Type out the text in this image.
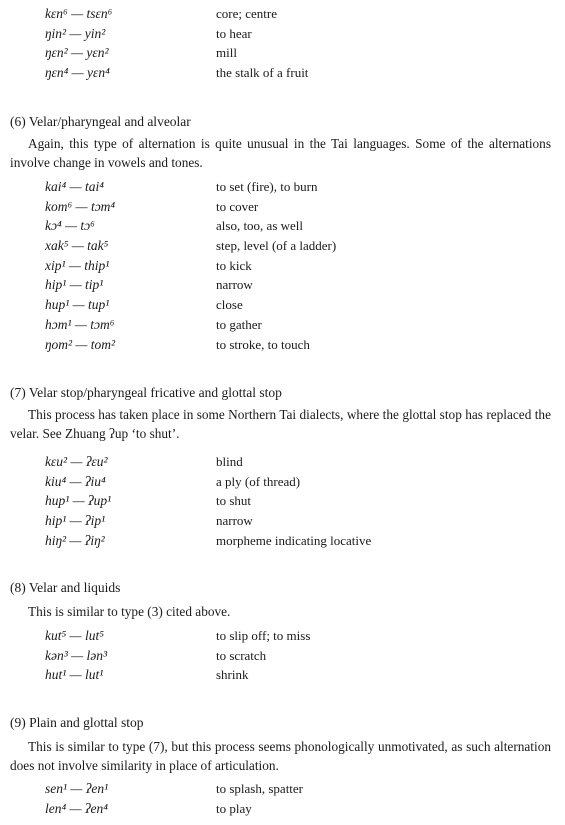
kɛn⁶ — tsɛn⁶	core; centre
ŋin² — yin²	to hear
ŋɛn² — yɛn²	mill
ŋɛn⁴ — yɛn⁴	the stalk of a fruit
(6) Velar/pharyngeal and alveolar

Again, this type of alternation is quite unusual in the Tai languages. Some of the alternations involve change in vowels and tones.

kai⁴ — tai⁴	to set (fire), to burn
kom⁶ — tɔm⁴	to cover
kɔ⁴ — tɔ⁶	also, too, as well
xak⁵ — tak⁵	step, level (of a ladder)
xip¹ — thip¹	to kick
hip¹ — tip¹	narrow
hup¹ — tup¹	close
hɔm¹ — tɔm⁶	to gather
ŋom² — tom²	to stroke, to touch
(7) Velar stop/pharyngeal fricative and glottal stop

This process has taken place in some Northern Tai dialects, where the glottal stop has replaced the velar. See Zhuang ʔup ‘to shut’.

kɛu² — ʔɛu²	blind
kiu⁴ — ʔiu⁴	a ply (of thread)
hup¹ — ʔup¹	to shut
hip¹ — ʔip¹	narrow
hiŋ² — ʔiŋ²	morpheme indicating locative
(8) Velar and liquids

This is similar to type (3) cited above.

kut⁵ — lut⁵	to slip off; to miss
kən³ — lən³	to scratch
hut¹ — lut¹	shrink
(9) Plain and glottal stop

This is similar to type (7), but this process seems phonologically unmotivated, as such alternation does not involve similarity in place of articulation.

sen¹ — ʔen¹	to splash, spatter
len⁴ — ʔen⁴	to play
